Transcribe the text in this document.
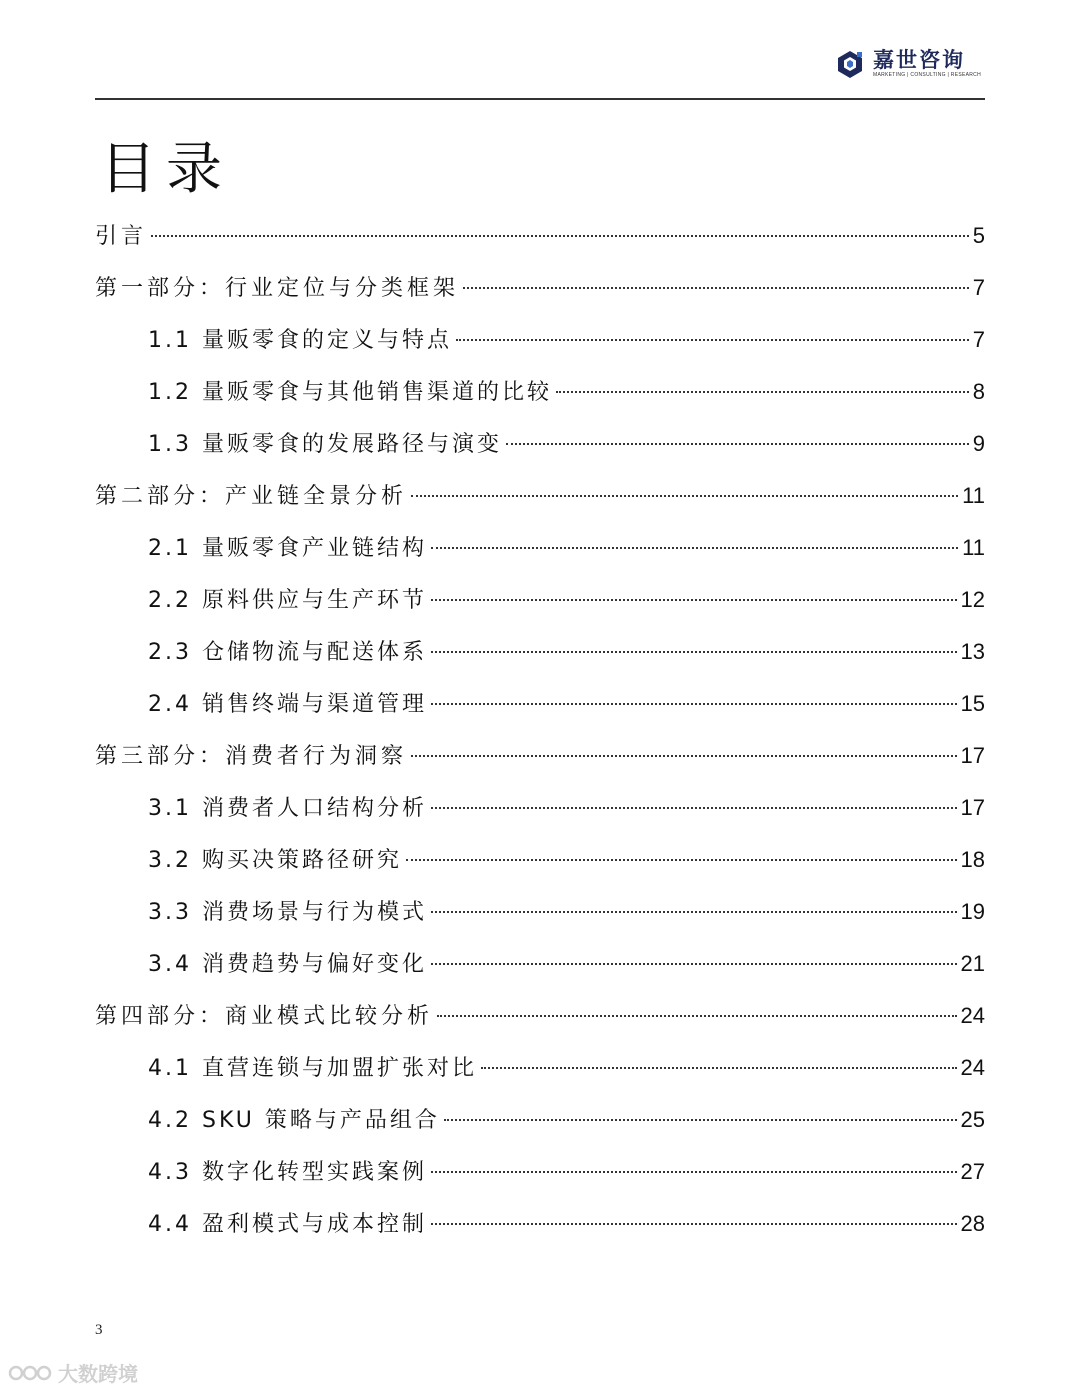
嘉世咨询
MARKETING | CONSULTING | RESEARCH
目录
引言	5
第一部分：行业定位与分类框架	7
1.1 量贩零食的定义与特点	7
1.2 量贩零食与其他销售渠道的比较	8
1.3 量贩零食的发展路径与演变	9
第二部分：产业链全景分析	11
2.1 量贩零食产业链结构	11
2.2 原料供应与生产环节	12
2.3 仓储物流与配送体系	13
2.4 销售终端与渠道管理	15
第三部分：消费者行为洞察	17
3.1 消费者人口结构分析	17
3.2 购买决策路径研究	18
3.3 消费场景与行为模式	19
3.4 消费趋势与偏好变化	21
第四部分：商业模式比较分析	24
4.1 直营连锁与加盟扩张对比	24
4.2 SKU 策略与产品组合	25
4.3 数字化转型实践案例	27
4.4 盈利模式与成本控制	28
3
大数跨境
